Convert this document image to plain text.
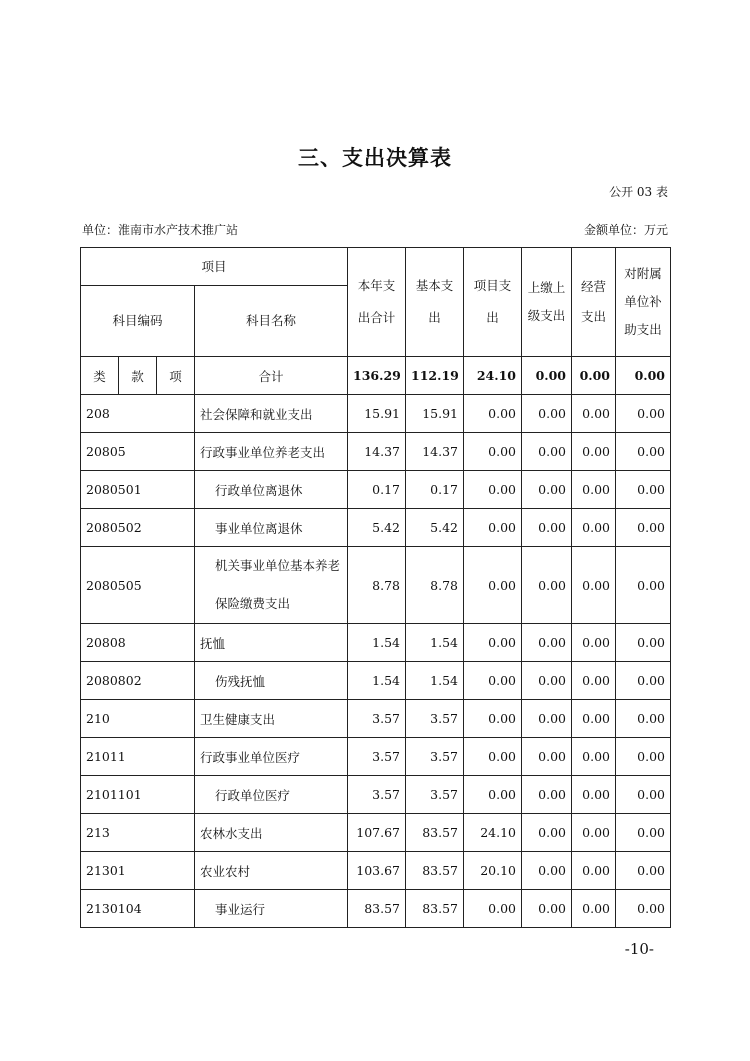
三、支出决算表
公开 03 表
单位：淮南市水产技术推广站	金额单位：万元
项目				本年支出合计	基本支出	项目支出	上缴上级支出	经营支出	对附属单位补助支出
科目编码			科目名称						
类	款	项	合计	136.29	112.19	24.10	0.00	0.00	0.00
208			社会保障和就业支出	15.91	15.91	0.00	0.00	0.00	0.00
20805			行政事业单位养老支出	14.37	14.37	0.00	0.00	0.00	0.00
2080501			行政单位离退休	0.17	0.17	0.00	0.00	0.00	0.00
2080502			事业单位离退休	5.42	5.42	0.00	0.00	0.00	0.00
2080505			机关事业单位基本养老保险缴费支出	8.78	8.78	0.00	0.00	0.00	0.00
20808			抚恤	1.54	1.54	0.00	0.00	0.00	0.00
2080802			伤残抚恤	1.54	1.54	0.00	0.00	0.00	0.00
210			卫生健康支出	3.57	3.57	0.00	0.00	0.00	0.00
21011			行政事业单位医疗	3.57	3.57	0.00	0.00	0.00	0.00
2101101			行政单位医疗	3.57	3.57	0.00	0.00	0.00	0.00
213			农林水支出	107.67	83.57	24.10	0.00	0.00	0.00
21301			农业农村	103.67	83.57	20.10	0.00	0.00	0.00
2130104			事业运行	83.57	83.57	0.00	0.00	0.00	0.00
-10-
